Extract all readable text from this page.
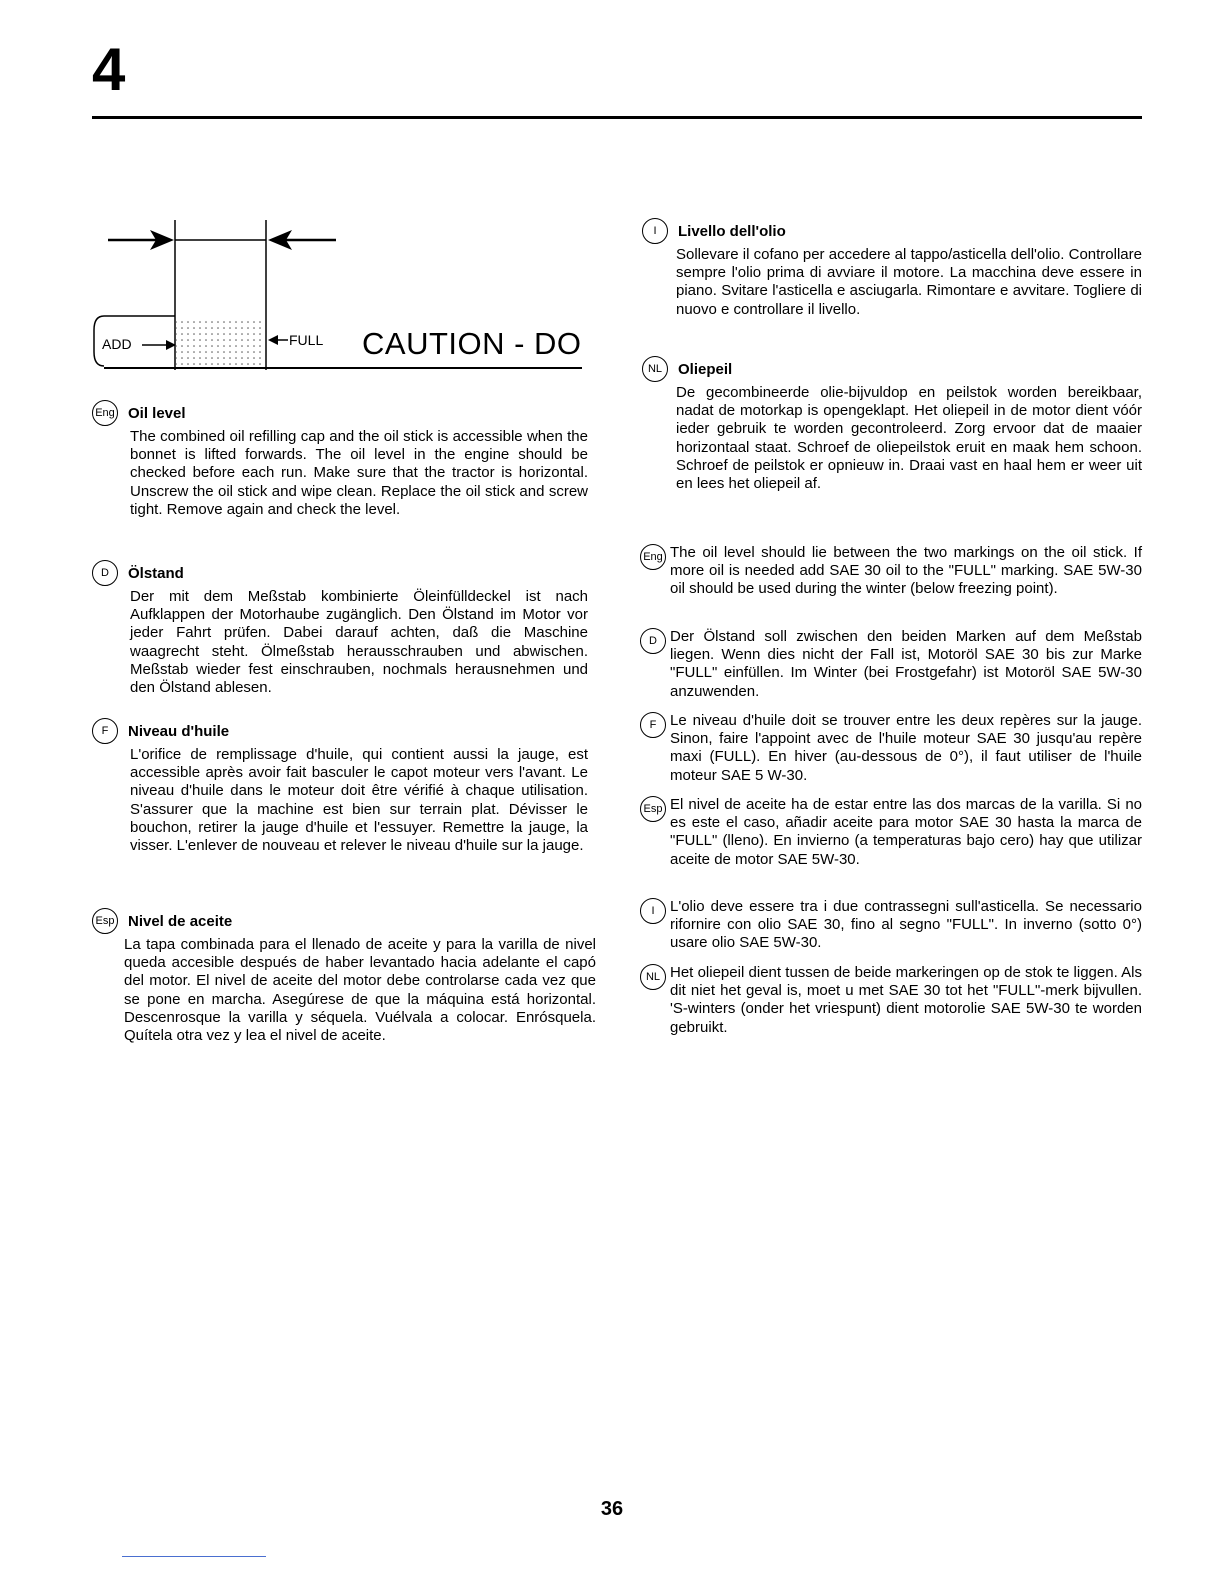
4
ADD	FULL CAUTION - DO
Eng Oil level
The combined oil refilling cap and the oil stick is accessible when the bonnet is lifted forwards. The oil level in the engine should be checked before each run. Make sure that the tractor is horizontal. Unscrew the oil stick and wipe clean. Replace the oil stick and screw tight. Remove again and check the level.
D	Ölstand
Der mit dem Meßstab kombinierte Öleinfülldeckel ist nach Aufklappen der Motorhaube zugänglich. Den Ölstand im Motor vor jeder Fahrt prüfen. Dabei darauf achten, daß die Maschine waagrecht steht. Ölmeßstab herausschrauben und abwischen. Meßstab wieder fest einschrauben, nochmals herausnehmen und den Ölstand ablesen.
F	Niveau d'huile
L'orifice de remplissage d'huile, qui contient aussi la jauge, est accessible après avoir fait basculer le capot moteur vers l'avant. Le niveau d'huile dans le moteur doit être vérifié à chaque utilisation. S'assurer que la machine est bien sur terrain plat. Dévisser le bouchon, retirer la jauge d'huile et l'essuyer. Remettre la jauge, la visser. L'enlever de nouveau et relever le niveau d'huile sur la jauge.
Esp Nivel de aceite
La tapa combinada para el llenado de aceite y para la varilla de nivel queda accesible después de haber levantado hacia adelante el capó del motor. El nivel de aceite del motor debe controlarse cada vez que se pone en marcha. Asegúrese de que la máquina está horizontal. Descenrosque la varilla y séquela. Vuélvala a colocar. Enrósquela. Quítela otra vez y lea el nivel de aceite.
I	Livello dell'olio
Sollevare il cofano per accedere al tappo/asticella dell'olio. Controllare sempre l'olio prima di avviare il motore. La macchina deve essere in piano. Svitare l'asticella e asciugarla. Rimontare e avvitare. Togliere di nuovo e controllare il livello.
NL	Oliepeil
De gecombineerde olie-bijvuldop en peilstok worden bereikbaar, nadat de motorkap is opengeklapt. Het oliepeil in de motor dient vóór ieder gebruik te worden gecontroleerd. Zorg ervoor dat de maaier horizontaal staat. Schroef de oliepeilstok eruit en maak hem schoon. Schroef de peilstok er opnieuw in. Draai vast en haal hem er weer uit en lees het oliepeil af.
Eng The oil level should lie between the two markings on the oil stick. If more oil is needed add SAE 30 oil to the "FULL" marking. SAE 5W-30 oil should be used during the winter (below freezing point).
D Der Ölstand soll zwischen den beiden Marken auf dem Meßstab liegen. Wenn dies nicht der Fall ist, Motoröl SAE 30 bis zur Marke "FULL" einfüllen. Im Winter (bei Frostgefahr) ist Motoröl SAE 5W-30 anzuwenden.
F Le niveau d'huile doit se trouver entre les deux repères sur la jauge. Sinon, faire l'appoint avec de l'huile moteur SAE 30 jusqu'au repère maxi (FULL). En hiver (au-dessous de 0°), il faut utiliser de l'huile moteur SAE 5 W-30.
Esp El nivel de aceite ha de estar entre las dos marcas de la varilla. Si no es este el caso, añadir aceite para motor SAE 30 hasta la marca de "FULL" (lleno). En invierno (a temperaturas bajo cero) hay que utilizar aceite de motor SAE 5W-30.
I	L'olio deve essere tra i due contrassegni sull'asticella. Se necessario rifornire con olio SAE 30, fino al segno "FULL". In inverno (sotto 0°) usare olio SAE 5W-30.
NL Het oliepeil dient tussen de beide markeringen op de stok te liggen. Als dit niet het geval is, moet u met SAE 30 tot het "FULL"-merk bijvullen. 'S-winters (onder het vriespunt) dient motorolie SAE 5W-30 te worden gebruikt.
36
